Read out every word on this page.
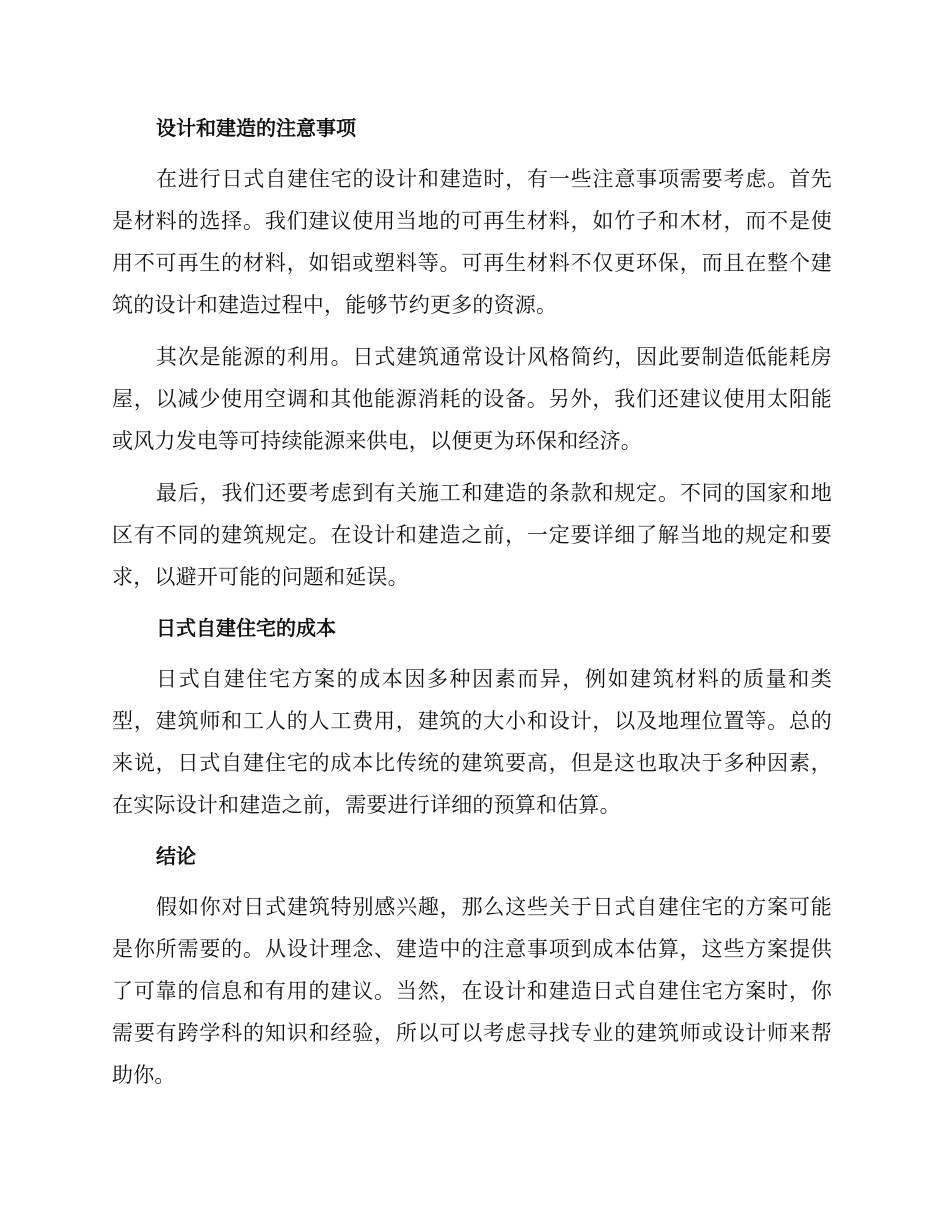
设计和建造的注意事项

在进行日式自建住宅的设计和建造时，有一些注意事项需要考虑。首先是材料的选择。我们建议使用当地的可再生材料，如竹子和木材，而不是使用不可再生的材料，如铝或塑料等。可再生材料不仅更环保，而且在整个建筑的设计和建造过程中，能够节约更多的资源。

其次是能源的利用。日式建筑通常设计风格简约，因此要制造低能耗房屋，以减少使用空调和其他能源消耗的设备。另外，我们还建议使用太阳能或风力发电等可持续能源来供电，以便更为环保和经济。

最后，我们还要考虑到有关施工和建造的条款和规定。不同的国家和地区有不同的建筑规定。在设计和建造之前，一定要详细了解当地的规定和要求，以避开可能的问题和延误。

日式自建住宅的成本

日式自建住宅方案的成本因多种因素而异，例如建筑材料的质量和类型，建筑师和工人的人工费用，建筑的大小和设计，以及地理位置等。总的来说，日式自建住宅的成本比传统的建筑要高，但是这也取决于多种因素，在实际设计和建造之前，需要进行详细的预算和估算。

结论

假如你对日式建筑特别感兴趣，那么这些关于日式自建住宅的方案可能是你所需要的。从设计理念、建造中的注意事项到成本估算，这些方案提供了可靠的信息和有用的建议。当然，在设计和建造日式自建住宅方案时，你需要有跨学科的知识和经验，所以可以考虑寻找专业的建筑师或设计师来帮助你。
